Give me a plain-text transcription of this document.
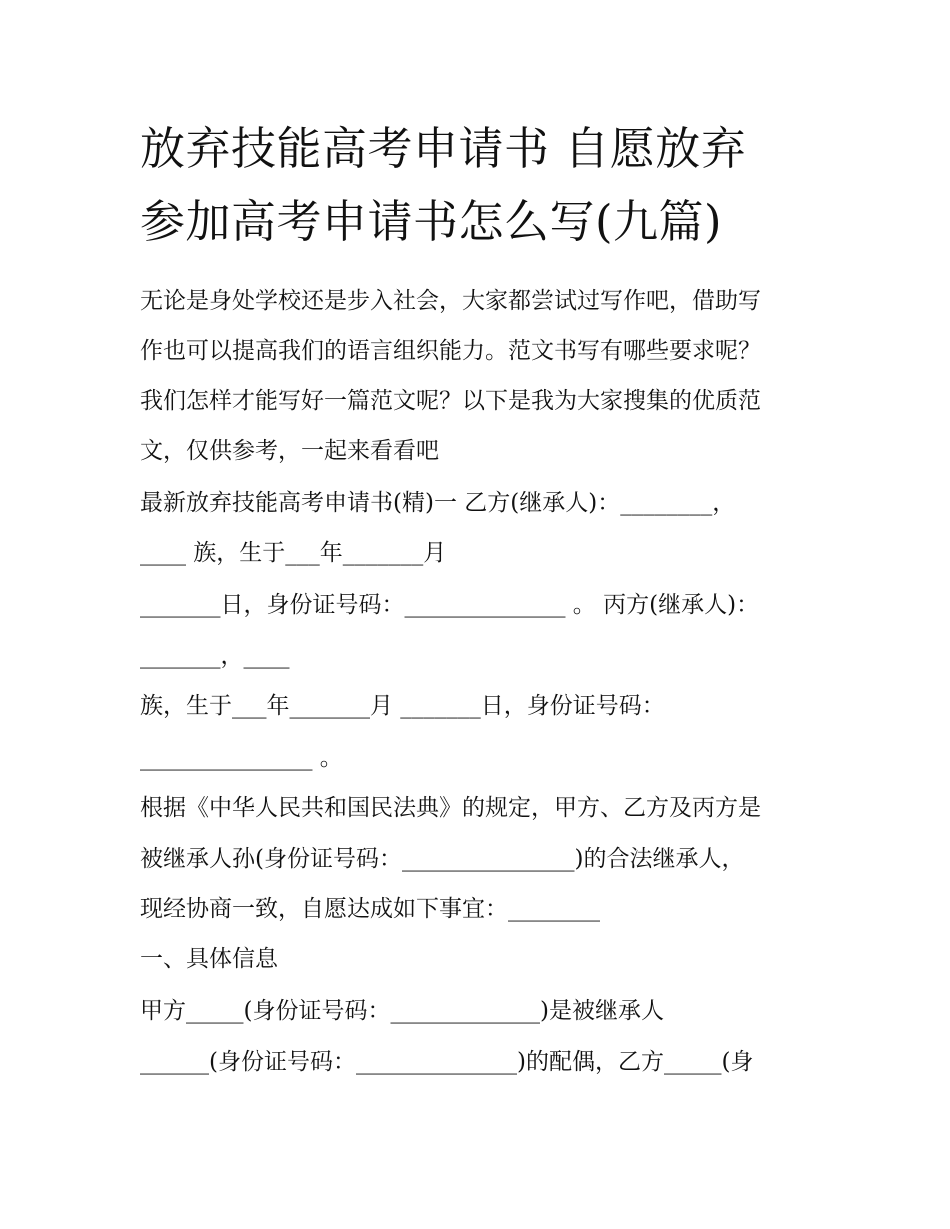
放弃技能高考申请书 自愿放弃
参加高考申请书怎么写(九篇)
无论是身处学校还是步入社会，大家都尝试过写作吧，借助写
作也可以提高我们的语言组织能力。范文书写有哪些要求呢？
我们怎样才能写好一篇范文呢？以下是我为大家搜集的优质范
文，仅供参考，一起来看看吧
最新放弃技能高考申请书(精)一 乙方(继承人)：________，
____ 族，生于___年_______月
_______日，身份证号码：______________ 。 丙方(继承人)：
_______，____
族，生于___年_______月 _______日，身份证号码：
_______________ 。
根据《中华人民共和国民法典》的规定，甲方、乙方及丙方是
被继承人孙(身份证号码：_______________)的合法继承人，
现经协商一致，自愿达成如下事宜：________
一、具体信息
甲方_____(身份证号码：_____________)是被继承人
______(身份证号码：______________)的配偶，乙方_____(身
